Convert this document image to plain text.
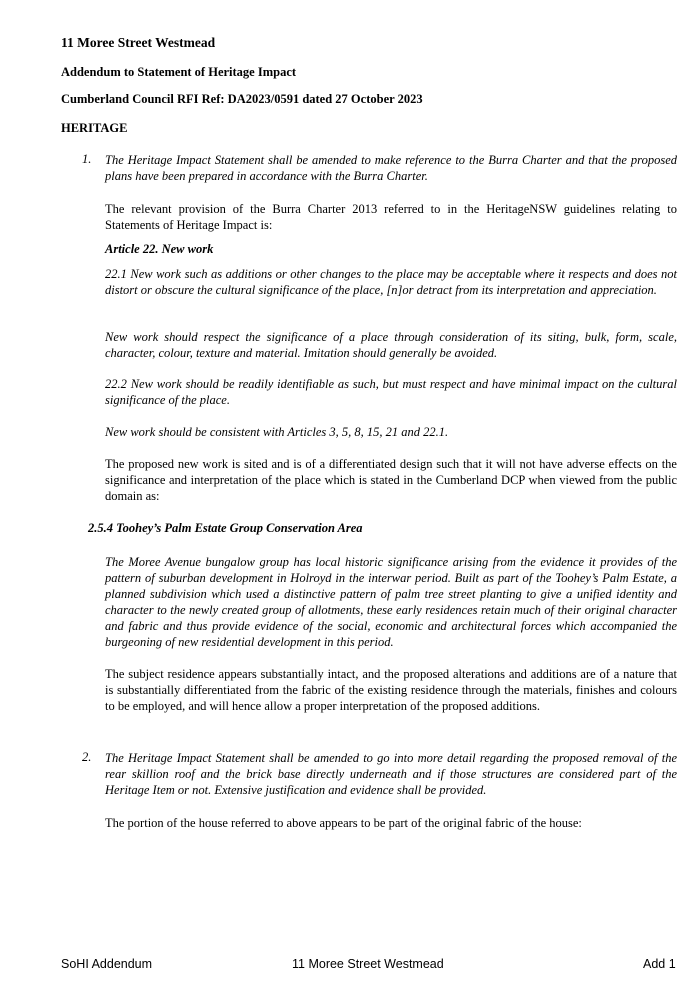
11 Moree Street Westmead
Addendum to Statement of Heritage Impact
Cumberland Council RFI Ref: DA2023/0591 dated 27 October 2023
HERITAGE
1. The Heritage Impact Statement shall be amended to make reference to the Burra Charter and that the proposed plans have been prepared in accordance with the Burra Charter.
The relevant provision of the Burra Charter 2013 referred to in the HeritageNSW guidelines relating to Statements of Heritage Impact is:
Article 22. New work
22.1 New work such as additions or other changes to the place may be acceptable where it respects and does not distort or obscure the cultural significance of the place, [n]or detract from its interpretation and appreciation.
New work should respect the significance of a place through consideration of its siting, bulk, form, scale, character, colour, texture and material. Imitation should generally be avoided.
22.2 New work should be readily identifiable as such, but must respect and have minimal impact on the cultural significance of the place.
New work should be consistent with Articles 3, 5, 8, 15, 21 and 22.1.
The proposed new work is sited and is of a differentiated design such that it will not have adverse effects on the significance and interpretation of the place which is stated in the Cumberland DCP when viewed from the public domain as:
2.5.4 Toohey’s Palm Estate Group Conservation Area
The Moree Avenue bungalow group has local historic significance arising from the evidence it provides of the pattern of suburban development in Holroyd in the interwar period. Built as part of the Toohey’s Palm Estate, a planned subdivision which used a distinctive pattern of palm tree street planting to give a unified identity and character to the newly created group of allotments, these early residences retain much of their original character and fabric and thus provide evidence of the social, economic and architectural forces which accompanied the burgeoning of new residential development in this period.
The subject residence appears substantially intact, and the proposed alterations and additions are of a nature that is substantially differentiated from the fabric of the existing residence through the materials, finishes and colours to be employed, and will hence allow a proper interpretation of the proposed additions.
2. The Heritage Impact Statement shall be amended to go into more detail regarding the proposed removal of the rear skillion roof and the brick base directly underneath and if those structures are considered part of the Heritage Item or not. Extensive justification and evidence shall be provided.
The portion of the house referred to above appears to be part of the original fabric of the house:
SoHI Addendum	11 Moree Street Westmead	Add 1
